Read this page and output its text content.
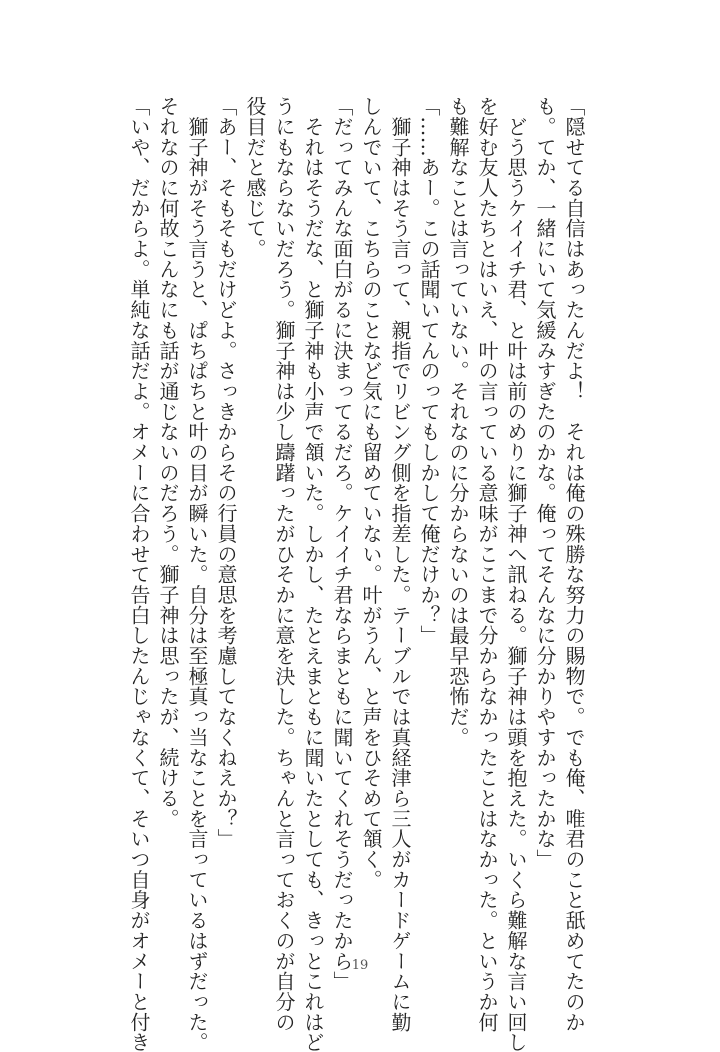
「隠せてる自信はあったんだよ！　それは俺の殊勝な努力の賜物で。でも俺、唯君のこと舐めてたのか
も。てか、一緒にいて気緩みすぎたのかな。俺ってそんなに分かりやすかったかな」
　どう思うケイイチ君、と叶は前のめりに獅子神へ訊ねる。獅子神は頭を抱えた。いくら難解な言い回し
を好む友人たちとはいえ、叶の言っている意味がここまで分からなかったことはなかった。というか何
も難解なことは言っていない。それなのに分からないのは最早恐怖だ。
「……あー。この話聞いてんのってもしかして俺だけか？」
　獅子神はそう言って、親指でリビング側を指差した。テーブルでは真経津ら三人がカードゲームに勤
しんでいて、こちらのことなど気にも留めていない。叶がうん、と声をひそめて頷く。
「だってみんな面白がるに決まってるだろ。ケイイチ君ならまともに聞いてくれそうだったから」
　それはそうだな、と獅子神も小声で頷いた。しかし、たとえまともに聞いたとしても、きっとこれはど
うにもならないだろう。獅子神は少し躊躇ったがひそかに意を決した。ちゃんと言っておくのが自分の
役目だと感じて。
「あー、そもそもだけどよ。さっきからその行員の意思を考慮してなくねえか？」
　獅子神がそう言うと、ぱちぱちと叶の目が瞬いた。自分は至極真っ当なことを言っているはずだった。
それなのに何故こんなにも話が通じないのだろう。獅子神は思ったが、続ける。
「いや、だからよ。単純な話だよ。オメーに合わせて告白したんじゃなくて、そいつ自身がオメーと付き	19
